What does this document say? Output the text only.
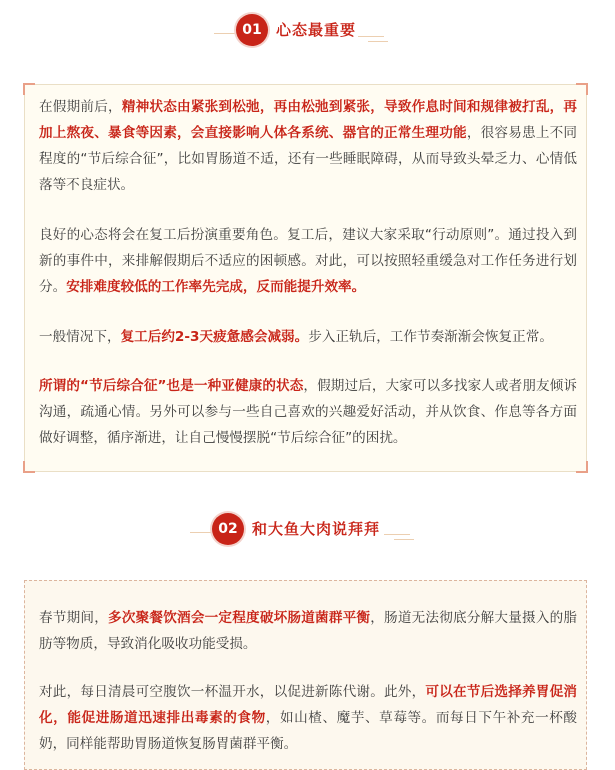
01 心态最重要

在假期前后，精神状态由紧张到松弛，再由松弛到紧张，导致作息时间和规律被打乱，再加上熬夜、暴食等因素，会直接影响人体各系统、器官的正常生理功能，很容易患上不同程度的“节后综合征”，比如胃肠道不适，还有一些睡眠障碍，从而导致头晕乏力、心情低落等不良症状。

良好的心态将会在复工后扮演重要角色。复工后，建议大家采取“行动原则”。通过投入到新的事件中，来排解假期后不适应的困顿感。对此，可以按照轻重缓急对工作任务进行划分。安排难度较低的工作率先完成，反而能提升效率。

一般情况下，复工后约2-3天疲惫感会减弱。步入正轨后，工作节奏渐渐会恢复正常。

所谓的“节后综合征”也是一种亚健康的状态，假期过后，大家可以多找家人或者朋友倾诉沟通，疏通心情。另外可以参与一些自己喜欢的兴趣爱好活动，并从饮食、作息等各方面做好调整，循序渐进，让自己慢慢摆脱“节后综合征”的困扰。

02 和大鱼大肉说拜拜

春节期间，多次聚餐饮酒会一定程度破坏肠道菌群平衡，肠道无法彻底分解大量摄入的脂肪等物质，导致消化吸收功能受损。

对此，每日清晨可空腹饮一杯温开水，以促进新陈代谢。此外，可以在节后选择养胃促消化，能促进肠道迅速排出毒素的食物，如山楂、魔芋、草莓等。而每日下午补充一杯酸奶，同样能帮助胃肠道恢复肠胃菌群平衡。
